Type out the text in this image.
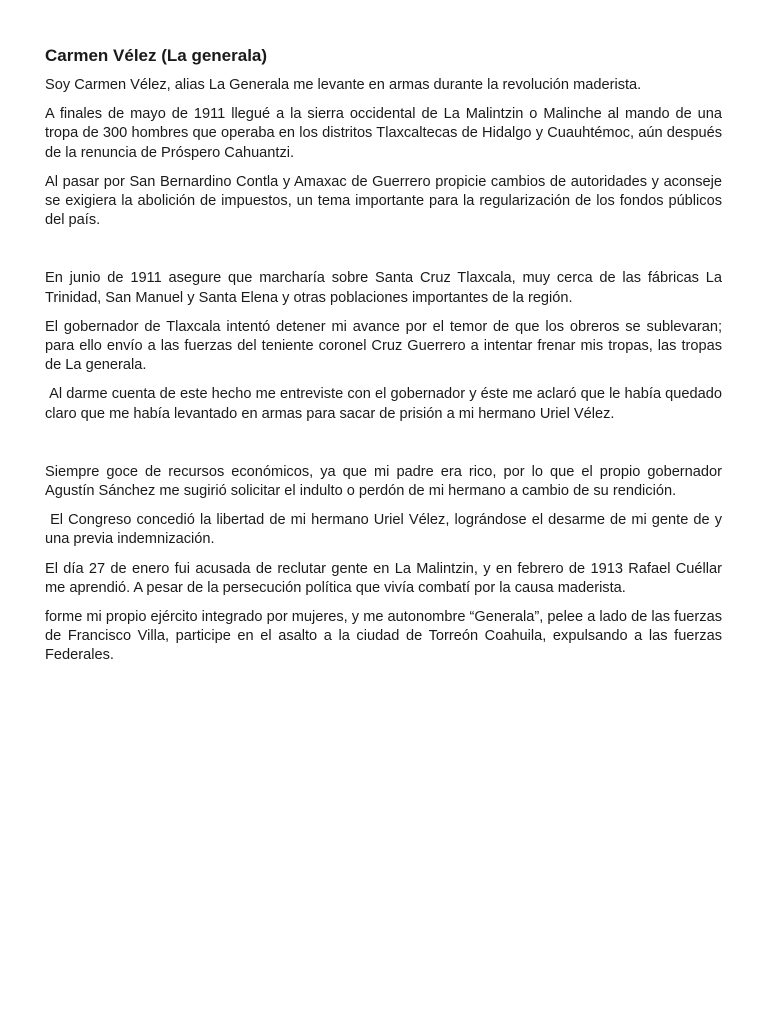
Carmen Vélez (La generala)

Soy Carmen Vélez, alias La Generala me levante en armas durante la revolución maderista.

A finales de mayo de 1911 llegué a la sierra occidental de La Malintzin o Malinche al mando de una tropa de 300 hombres que operaba en los distritos Tlaxcaltecas de Hidalgo y Cuauhtémoc, aún después de la renuncia de Próspero Cahuantzi.

Al pasar por San Bernardino Contla y Amaxac de Guerrero propicie cambios de autoridades y aconseje se exigiera la abolición de impuestos, un tema importante para la regularización de los fondos públicos del país.

En junio de 1911 asegure que marcharía sobre Santa Cruz Tlaxcala, muy cerca de las fábricas La Trinidad, San Manuel y Santa Elena y otras poblaciones importantes de la región.

El gobernador de Tlaxcala intentó detener mi avance por el temor de que los obreros se sublevaran; para ello envío a las fuerzas del teniente coronel Cruz Guerrero a intentar frenar mis tropas, las tropas de La generala.

Al darme cuenta de este hecho me entreviste con el gobernador y éste me aclaró que le había quedado claro que me había levantado en armas para sacar de prisión a mi hermano Uriel Vélez.

Siempre goce de recursos económicos, ya que mi padre era rico, por lo que el propio gobernador Agustín Sánchez me sugirió solicitar el indulto o perdón de mi hermano a cambio de su rendición.

El Congreso concedió la libertad de mi hermano Uriel Vélez, lográndose el desarme de mi gente de y una previa indemnización.

El día 27 de enero fui acusada de reclutar gente en La Malintzin, y en febrero de 1913 Rafael Cuéllar me aprendió. A pesar de la persecución política que vivía combatí por la causa maderista.

forme mi propio ejército integrado por mujeres, y me autonombre “Generala”, pelee a lado de las fuerzas de Francisco Villa, participe en el asalto a la ciudad de Torreón Coahuila, expulsando a las fuerzas Federales.
